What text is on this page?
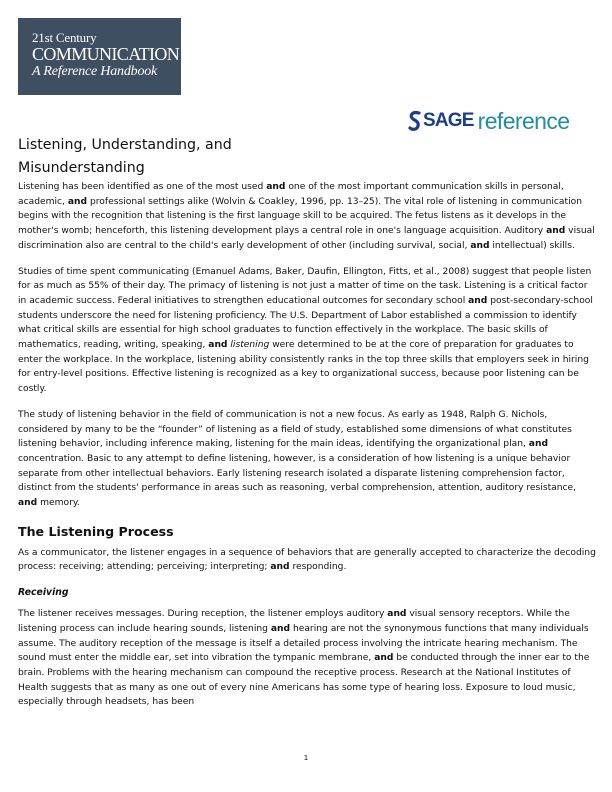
21st Century
COMMUNICATION
A Reference Handbook
SAGE reference
Listening, Understanding, and
Misunderstanding

Listening has been identified as one of the most used and one of the most important communication skills in personal, academic, and professional settings alike (Wolvin & Coakley, 1996, pp. 13–25). The vital role of listening in communication begins with the recognition that listening is the first language skill to be acquired. The fetus listens as it develops in the mother's womb; henceforth, this listening development plays a central role in one's language acquisition. Auditory and visual discrimination also are central to the child's early development of other (including survival, social, and intellectual) skills.

Studies of time spent communicating (Emanuel Adams, Baker, Daufin, Ellington, Fitts, et al., 2008) suggest that people listen for as much as 55% of their day. The primacy of listening is not just a matter of time on the task. Listening is a critical factor in academic success. Federal initiatives to strengthen educational outcomes for secondary school and post-secondary-school students underscore the need for listening proficiency. The U.S. Department of Labor established a commission to identify what critical skills are essential for high school graduates to function effectively in the workplace. The basic skills of mathematics, reading, writing, speaking, and listening were determined to be at the core of preparation for graduates to enter the workplace. In the workplace, listening ability consistently ranks in the top three skills that employers seek in hiring for entry-level positions. Effective listening is recognized as a key to organizational success, because poor listening can be costly.

The study of listening behavior in the field of communication is not a new focus. As early as 1948, Ralph G. Nichols, considered by many to be the “founder” of listening as a field of study, established some dimensions of what constitutes listening behavior, including inference making, listening for the main ideas, identifying the organizational plan, and concentration. Basic to any attempt to define listening, however, is a consideration of how listening is a unique behavior separate from other intellectual behaviors. Early listening research isolated a disparate listening comprehension factor, distinct from the students' performance in areas such as reasoning, verbal comprehension, attention, auditory resistance, and memory.

The Listening Process

As a communicator, the listener engages in a sequence of behaviors that are generally accepted to characterize the decoding process: receiving; attending; perceiving; interpreting; and responding.

Receiving

The listener receives messages. During reception, the listener employs auditory and visual sensory receptors. While the listening process can include hearing sounds, listening and hearing are not the synonymous functions that many individuals assume. The auditory reception of the message is itself a detailed process involving the intricate hearing mechanism. The sound must enter the middle ear, set into vibration the tympanic membrane, and be conducted through the inner ear to the brain. Problems with the hearing mechanism can compound the receptive process. Research at the National Institutes of Health suggests that as many as one out of every nine Americans has some type of hearing loss. Exposure to loud music, especially through headsets, has been

1
